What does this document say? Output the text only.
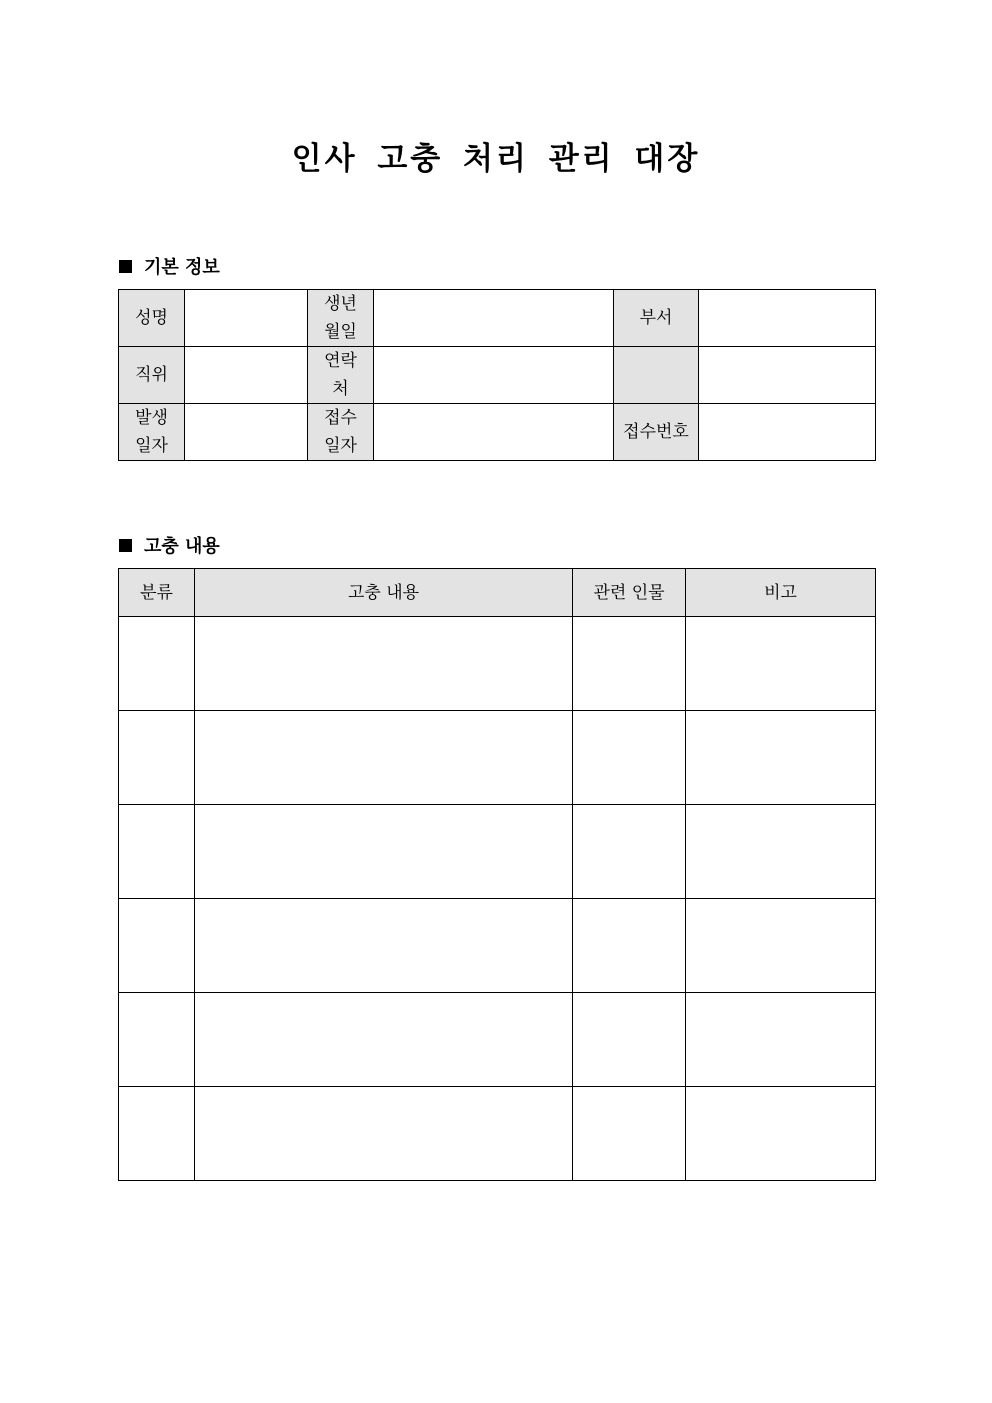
인사 고충 처리 관리 대장
기본 정보
성명		생년월일		부서	
직위		연락처			

발생일자		접수일자		접수번호	
고충 내용
분류	고충 내용	관련 인물	비고
